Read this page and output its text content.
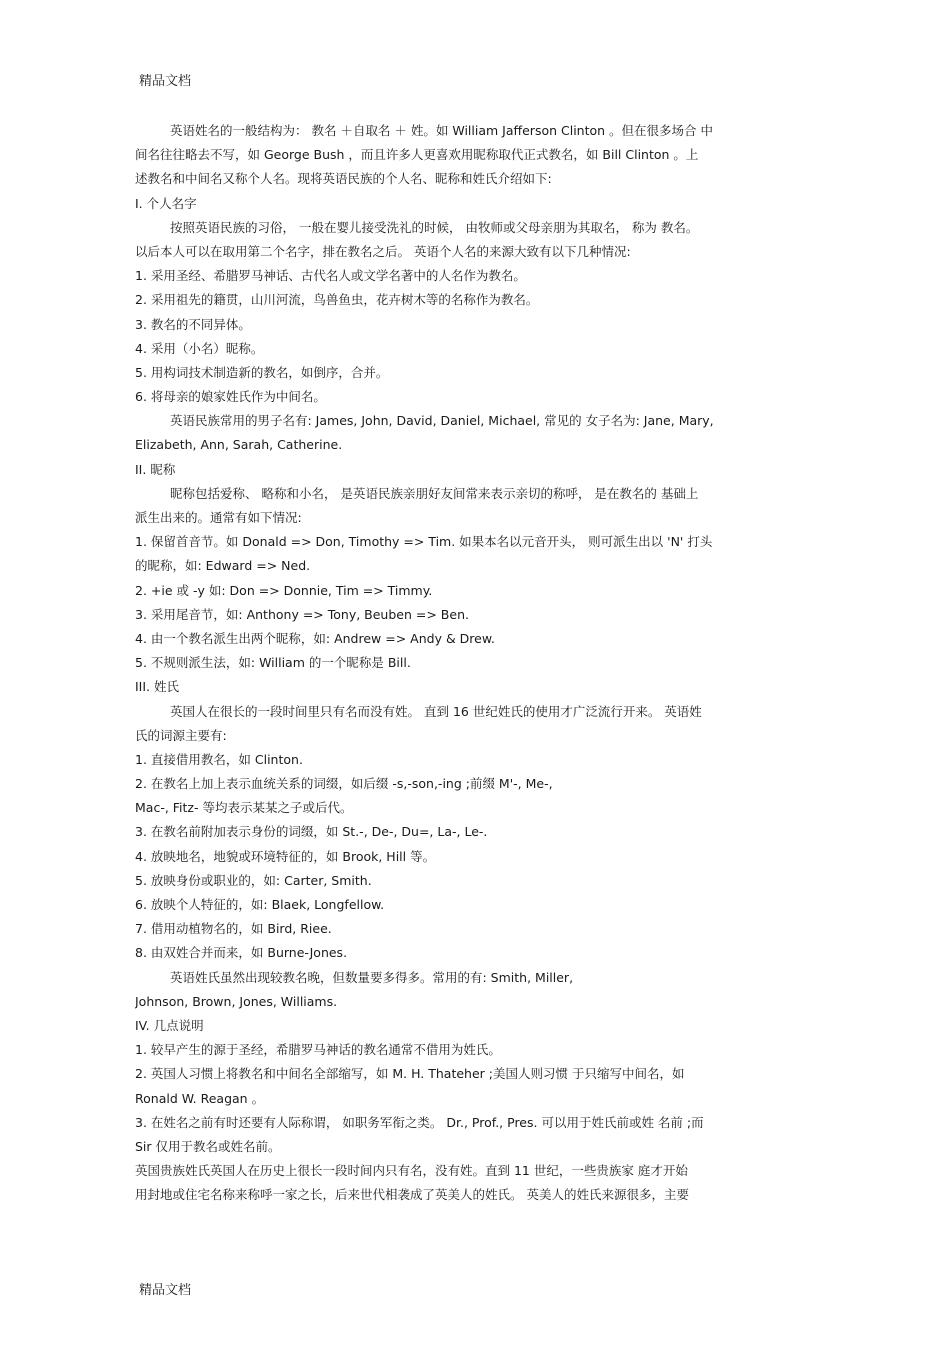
精品文档
英语姓名的一般结构为： 教名 ＋自取名 ＋ 姓。如 William Jafferson Clinton 。但在很多场合 中
间名往往略去不写，如 George Bush ，而且许多人更喜欢用昵称取代正式教名，如 Bill Clinton 。上
述教名和中间名又称个人名。现将英语民族的个人名、昵称和姓氏介绍如下:
I. 个人名字
按照英语民族的习俗， 一般在婴儿接受洗礼的时候， 由牧师或父母亲朋为其取名， 称为 教名。
以后本人可以在取用第二个名字，排在教名之后。 英语个人名的来源大致有以下几种情况:
1. 采用圣经、希腊罗马神话、古代名人或文学名著中的人名作为教名。
2. 采用祖先的籍贯，山川河流，鸟兽鱼虫，花卉树木等的名称作为教名。
3. 教名的不同异体。
4. 采用（小名）昵称。
5. 用构词技术制造新的教名，如倒序，合并。
6. 将母亲的娘家姓氏作为中间名。
英语民族常用的男子名有: James, John, David, Daniel, Michael, 常见的 女子名为: Jane, Mary,
Elizabeth, Ann, Sarah, Catherine.
II. 昵称
昵称包括爱称、 略称和小名， 是英语民族亲朋好友间常来表示亲切的称呼， 是在教名的 基础上
派生出来的。通常有如下情况:
1. 保留首音节。如 Donald => Don, Timothy => Tim. 如果本名以元音开头， 则可派生出以 'N' 打头
的昵称，如: Edward => Ned.
2. +ie 或 -y 如: Don => Donnie, Tim => Timmy.
3. 采用尾音节，如: Anthony => Tony, Beuben => Ben.
4. 由一个教名派生出两个昵称，如: Andrew => Andy & Drew.
5. 不规则派生法，如: William 的一个昵称是 Bill.
III. 姓氏
英国人在很长的一段时间里只有名而没有姓。 直到 16 世纪姓氏的使用才广泛流行开来。 英语姓
氏的词源主要有:
1. 直接借用教名，如 Clinton.
2. 在教名上加上表示血统关系的词缀，如后缀 -s,-son,-ing ;前缀 M'-, Me-,
Mac-, Fitz- 等均表示某某之子或后代。
3. 在教名前附加表示身份的词缀，如 St.-, De-, Du=, La-, Le-.
4. 放映地名，地貌或环境特征的，如 Brook, Hill 等。
5. 放映身份或职业的，如: Carter, Smith.
6. 放映个人特征的，如: Blaek, Longfellow.
7. 借用动植物名的，如 Bird, Riee.
8. 由双姓合并而来，如 Burne-Jones.
英语姓氏虽然出现较教名晚，但数量要多得多。常用的有: Smith, Miller,
Johnson, Brown, Jones, Williams.
IV. 几点说明
1. 较早产生的源于圣经，希腊罗马神话的教名通常不借用为姓氏。
2. 英国人习惯上将教名和中间名全部缩写，如 M. H. Thateher ;美国人则习惯 于只缩写中间名，如
Ronald W. Reagan 。
3. 在姓名之前有时还要有人际称谓， 如职务军衔之类。 Dr., Prof., Pres. 可以用于姓氏前或姓 名前 ;而
Sir 仅用于教名或姓名前。
英国贵族姓氏英国人在历史上很长一段时间内只有名，没有姓。直到 11 世纪，一些贵族家 庭才开始
用封地或住宅名称来称呼一家之长，后来世代相袭成了英美人的姓氏。 英美人的姓氏来源很多，主要
精品文档
